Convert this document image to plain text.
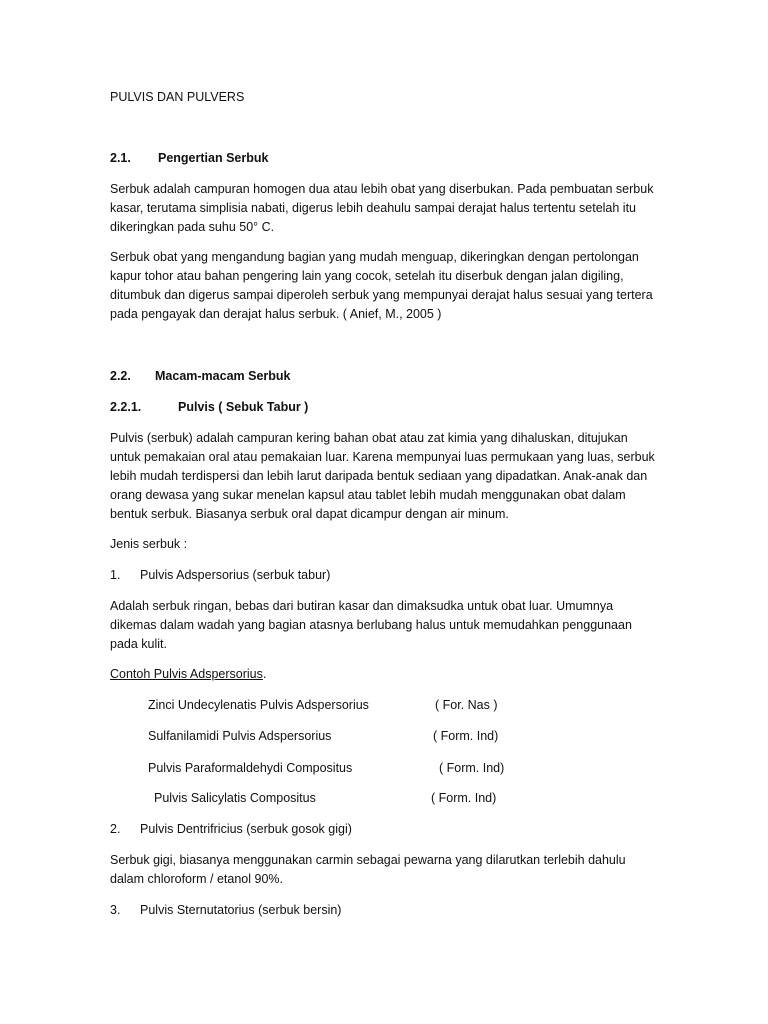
PULVIS DAN PULVERS
2.1. Pengertian Serbuk
Serbuk adalah campuran homogen dua atau lebih obat yang diserbukan. Pada pembuatan serbuk
kasar, terutama simplisia nabati, digerus lebih deahulu sampai derajat halus tertentu setelah itu
dikeringkan pada suhu 50° C.
Serbuk obat yang mengandung bagian yang mudah menguap, dikeringkan dengan pertolongan
kapur tohor atau bahan pengering lain yang cocok, setelah itu diserbuk dengan jalan digiling,
ditumbuk dan digerus sampai diperoleh serbuk yang mempunyai derajat halus sesuai yang tertera
pada pengayak dan derajat halus serbuk. ( Anief, M., 2005 )
2.2. Macam-macam Serbuk
2.2.1.	Pulvis ( Sebuk Tabur )
Pulvis (serbuk) adalah campuran kering bahan obat atau zat kimia yang dihaluskan, ditujukan
untuk pemakaian oral atau pemakaian luar. Karena mempunyai luas permukaan yang luas, serbuk
lebih mudah terdispersi dan lebih larut daripada bentuk sediaan yang dipadatkan. Anak-anak dan
orang dewasa yang sukar menelan kapsul atau tablet lebih mudah menggunakan obat dalam
bentuk serbuk. Biasanya serbuk oral dapat dicampur dengan air minum.
Jenis serbuk :
1. Pulvis Adspersorius (serbuk tabur)
Adalah serbuk ringan, bebas dari butiran kasar dan dimaksudka untuk obat luar. Umumnya
dikemas dalam wadah yang bagian atasnya berlubang halus untuk memudahkan penggunaan
pada kulit.
Contoh Pulvis Adspersorius.
Zinci Undecylenatis Pulvis Adspersorius	( For. Nas )
Sulfanilamidi Pulvis Adspersorius	( Form. Ind)
Pulvis Paraformaldehydi Compositus	( Form. Ind)
Pulvis Salicylatis Compositus	( Form. Ind)
2. Pulvis Dentrifricius (serbuk gosok gigi)
Serbuk gigi, biasanya menggunakan carmin sebagai pewarna yang dilarutkan terlebih dahulu
dalam chloroform / etanol 90%.
3. Pulvis Sternutatorius (serbuk bersin)
